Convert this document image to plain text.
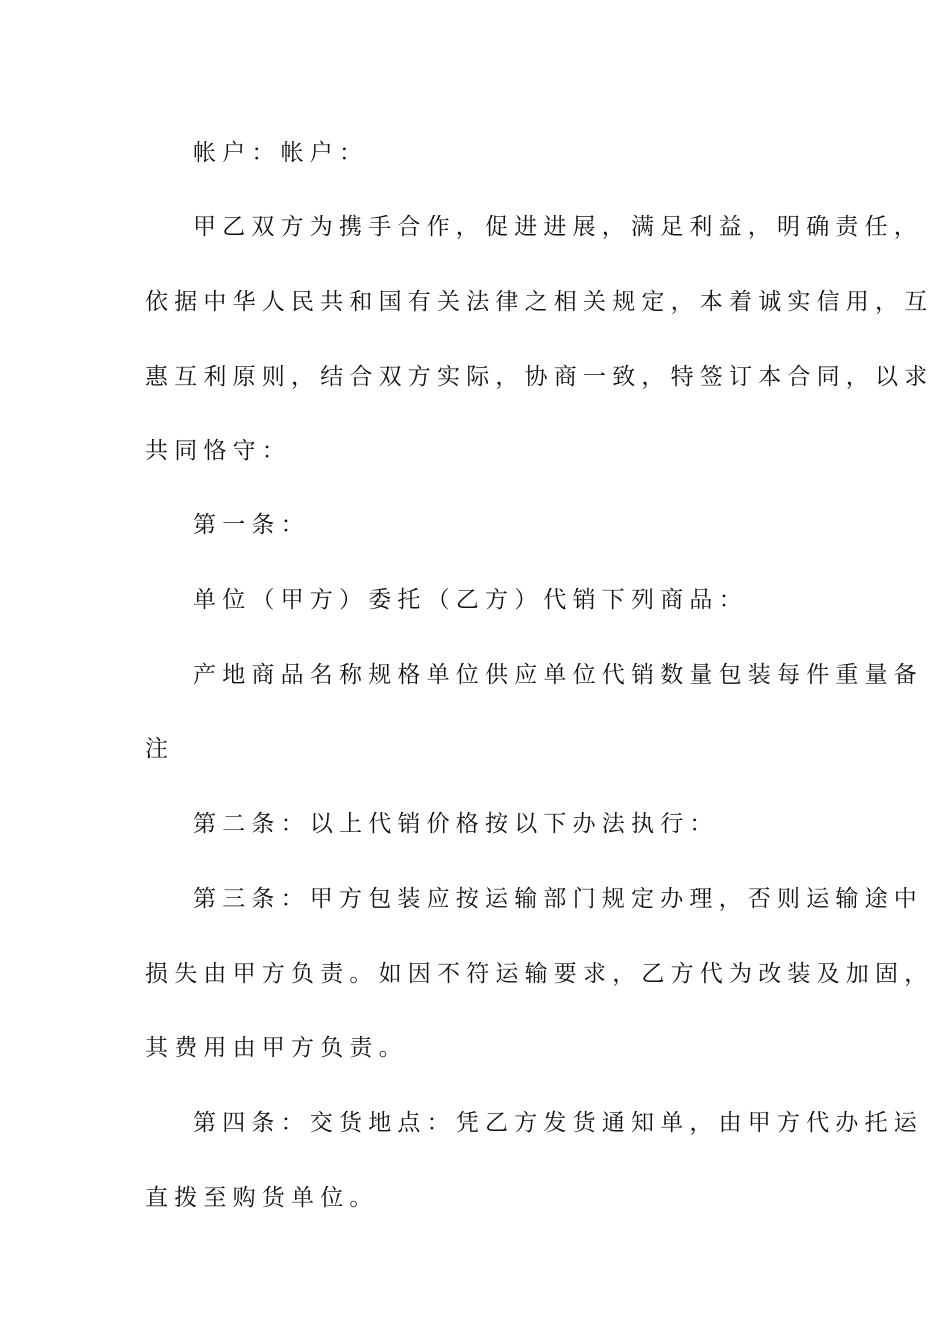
帐户：帐户：
甲乙双方为携手合作，促进进展，满足利益，明确责任，
依据中华人民共和国有关法律之相关规定，本着诚实信用，互
惠互利原则，结合双方实际，协商一致，特签订本合同，以求
共同恪守：
第一条：
单位（甲方）委托（乙方）代销下列商品：
产地商品名称规格单位供应单位代销数量包装每件重量备
注
第二条：以上代销价格按以下办法执行：
第三条：甲方包装应按运输部门规定办理，否则运输途中
损失由甲方负责。如因不符运输要求，乙方代为改装及加固，
其费用由甲方负责。
第四条：交货地点：凭乙方发货通知单，由甲方代办托运
直拨至购货单位。
